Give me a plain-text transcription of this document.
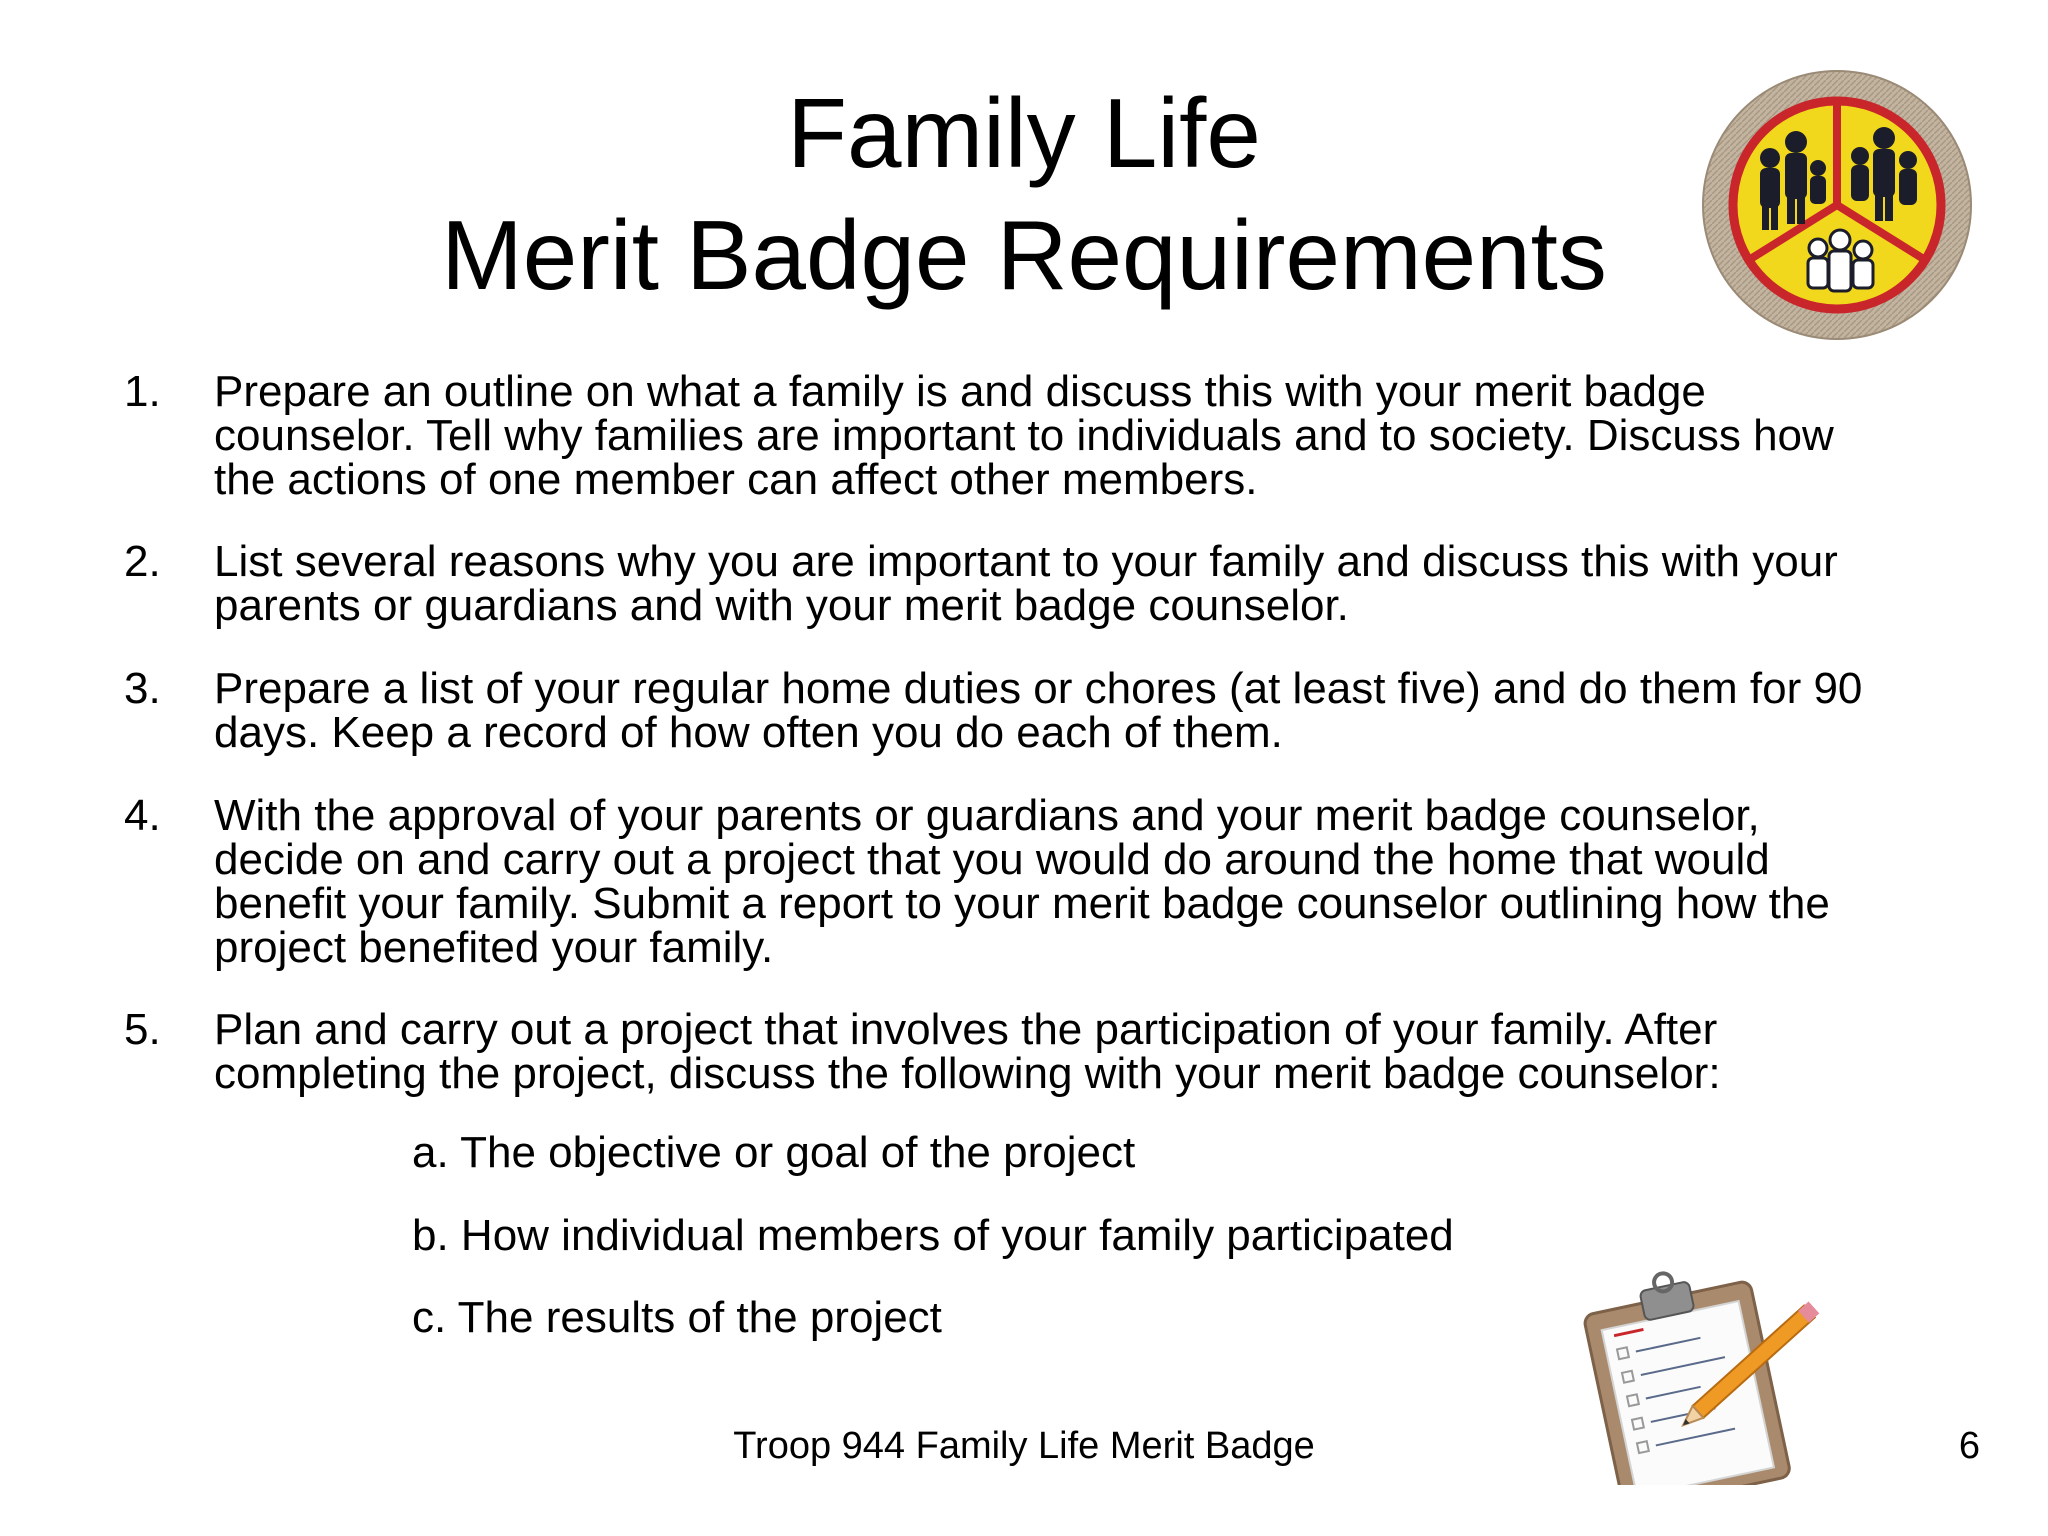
Family Life
Merit Badge Requirements
1.	Prepare an outline on what a family is and discuss this with your merit badge
counselor. Tell why families are important to individuals and to society. Discuss how
the actions of one member can affect other members.
2.	List several reasons why you are important to your family and discuss this with your
parents or guardians and with your merit badge counselor.
3.	Prepare a list of your regular home duties or chores (at least five) and do them for 90
days. Keep a record of how often you do each of them.
4.	With the approval of your parents or guardians and your merit badge counselor,
decide on and carry out a project that you would do around the home that would
benefit your family. Submit a report to your merit badge counselor outlining how the
project benefited your family.
5.	Plan and carry out a project that involves the participation of your family. After
completing the project, discuss the following with your merit badge counselor:
a. The objective or goal of the project
b. How individual members of your family participated
c. The results of the project
Troop 944 Family Life Merit Badge	6
